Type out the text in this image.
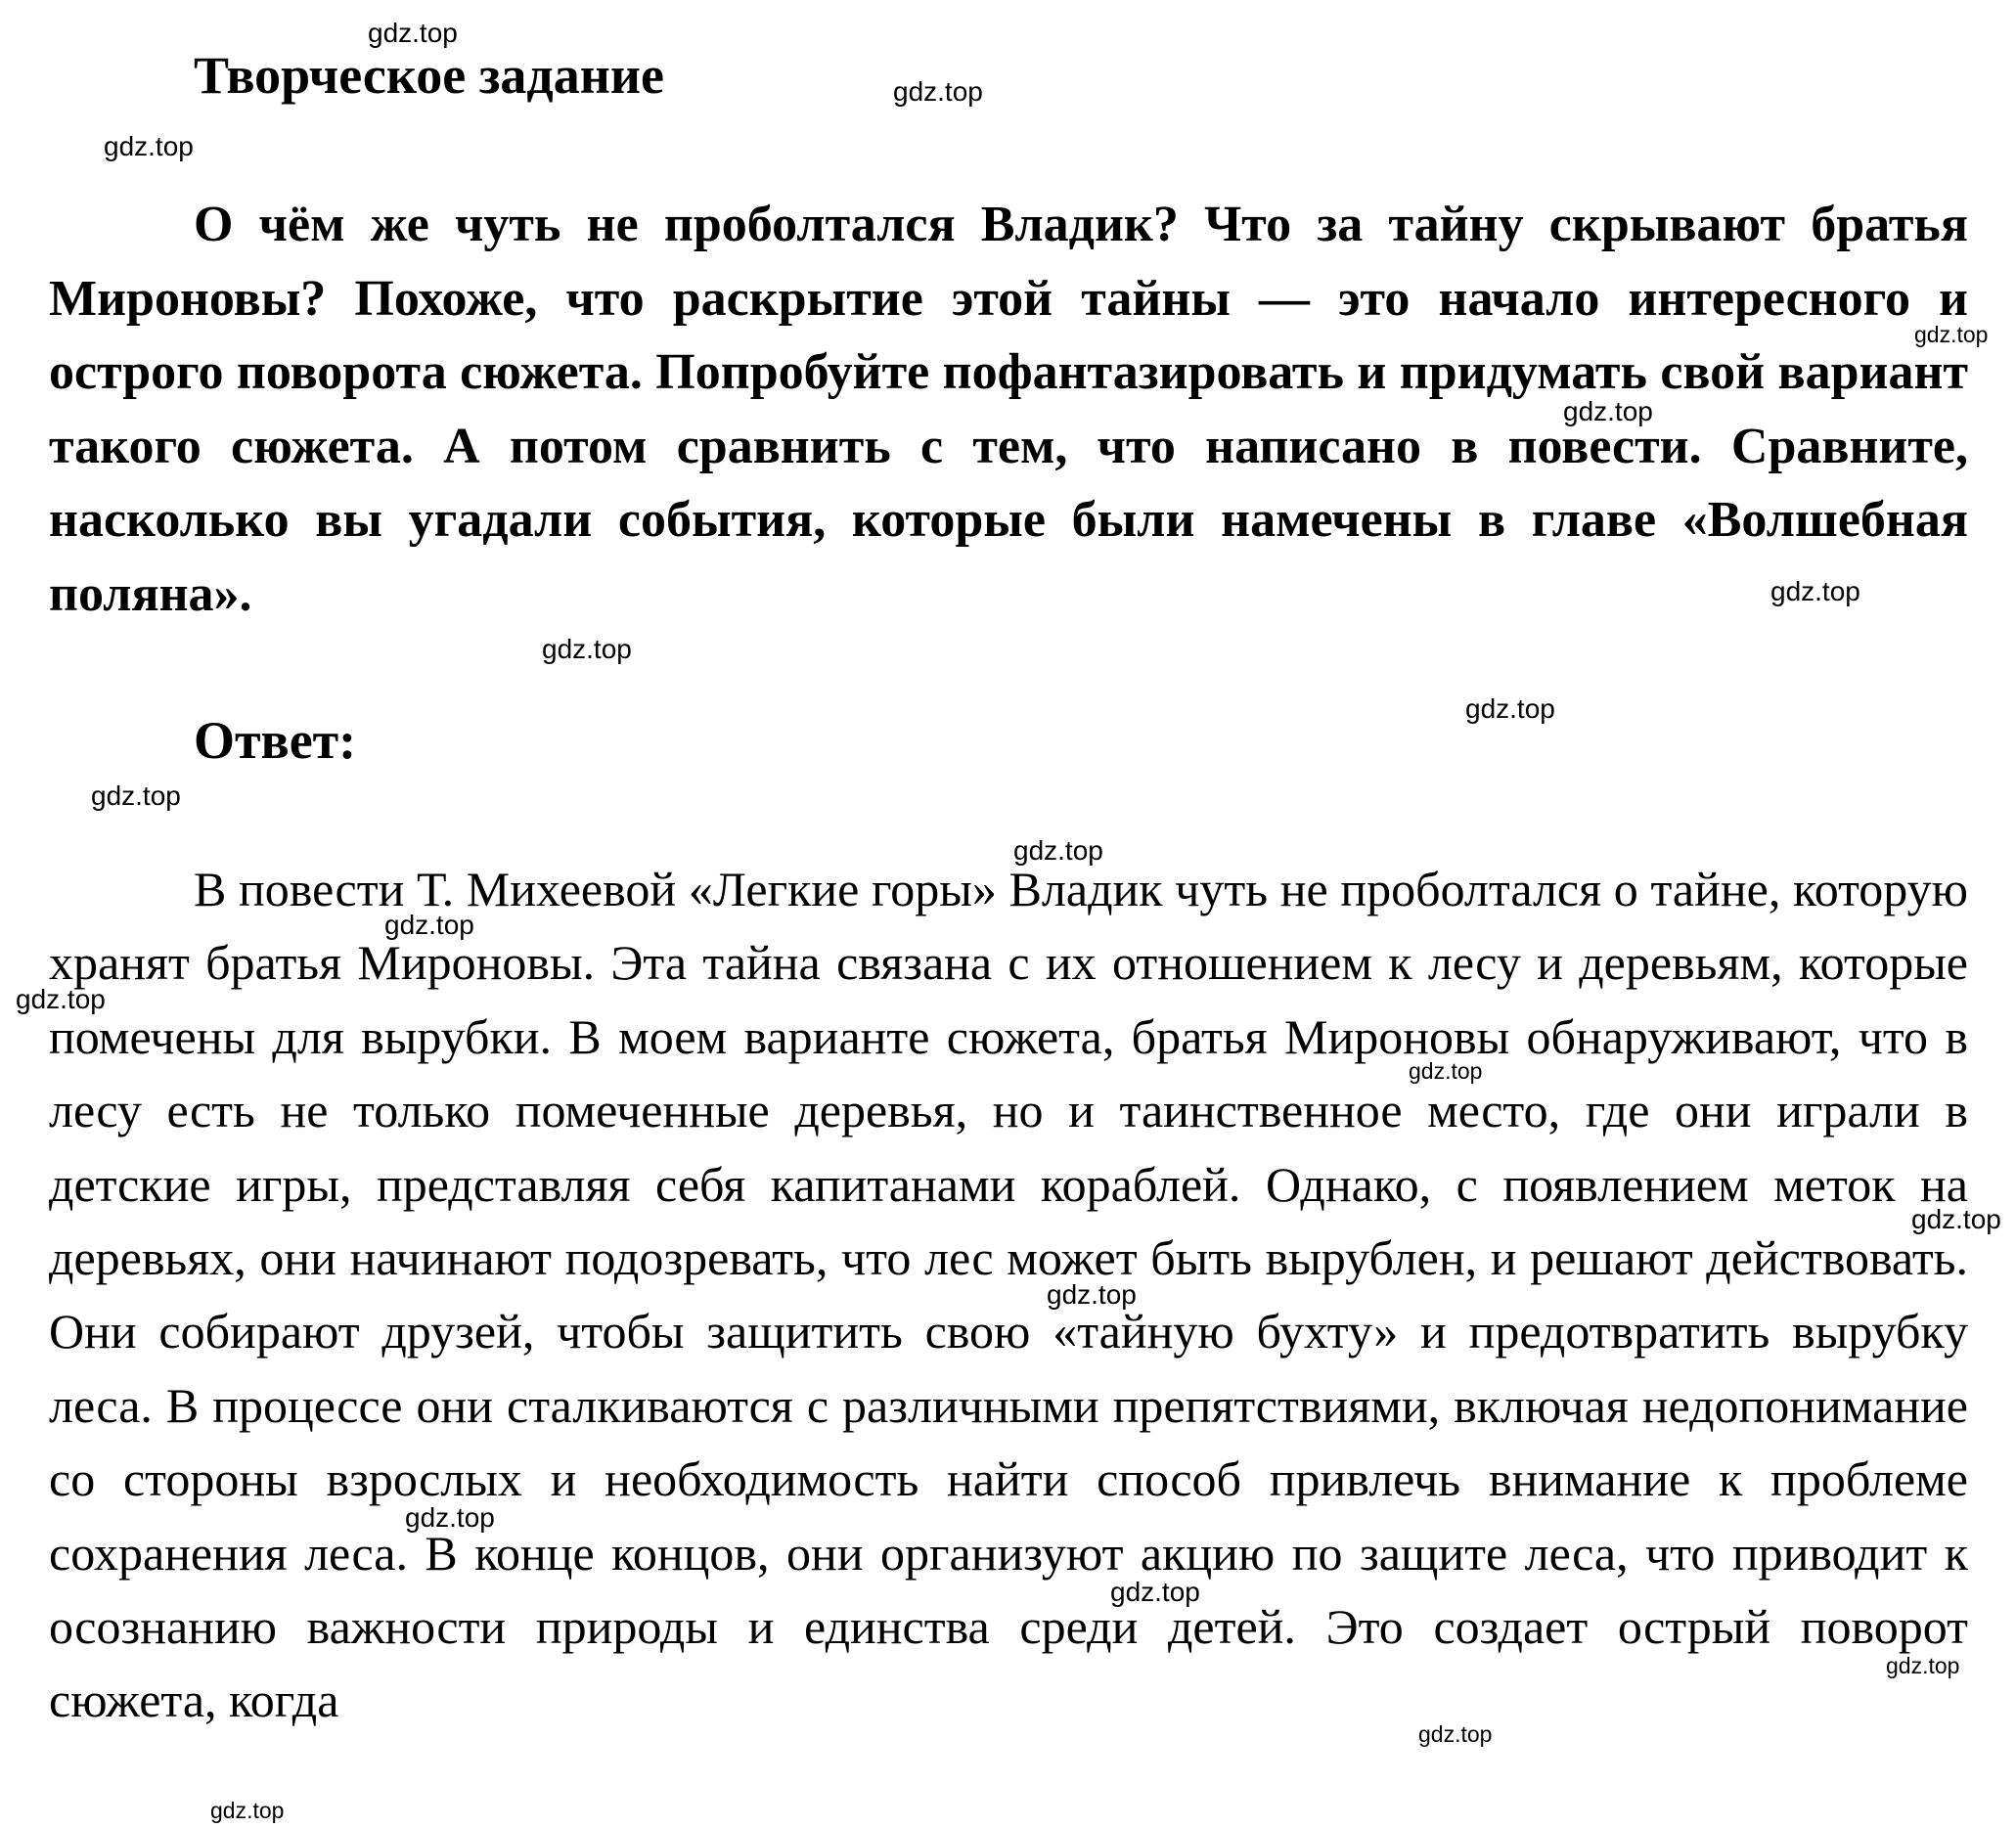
Творческое задание

О чём же чуть не проболтался Владик? Что за тайну скрывают братья Мироновы? Похоже, что раскрытие этой тайны — это начало интересного и острого поворота сюжета. Попробуйте пофантазировать и придумать свой вариант такого сюжета. А потом сравнить с тем, что написано в повести. Сравните, насколько вы угадали события, которые были намечены в главе «Волшебная поляна».

Ответ:

В повести Т. Михеевой «Легкие горы» Владик чуть не проболтался о тайне, которую хранят братья Мироновы. Эта тайна связана с их отношением к лесу и деревьям, которые помечены для вырубки. В моем варианте сюжета, братья Мироновы обнаруживают, что в лесу есть не только помеченные деревья, но и таинственное место, где они играли в детские игры, представляя себя капитанами кораблей. Однако, с появлением меток на деревьях, они начинают подозревать, что лес может быть вырублен, и решают действовать. Они собирают друзей, чтобы защитить свою «тайную бухту» и предотвратить вырубку леса. В процессе они сталкиваются с различными препятствиями, включая недопонимание со стороны взрослых и необходимость найти способ привлечь внимание к проблеме сохранения леса. В конце концов, они организуют акцию по защите леса, что приводит к осознанию важности природы и единства среди детей. Это создает острый поворот сюжета, когда

gdz.top
gdz.top
gdz.top
gdz.top
gdz.top
gdz.top
gdz.top
gdz.top
gdz.top
gdz.top
gdz.top
gdz.top
gdz.top
gdz.top
gdz.top
gdz.top
gdz.top
gdz.top
gdz.top
gdz.top
